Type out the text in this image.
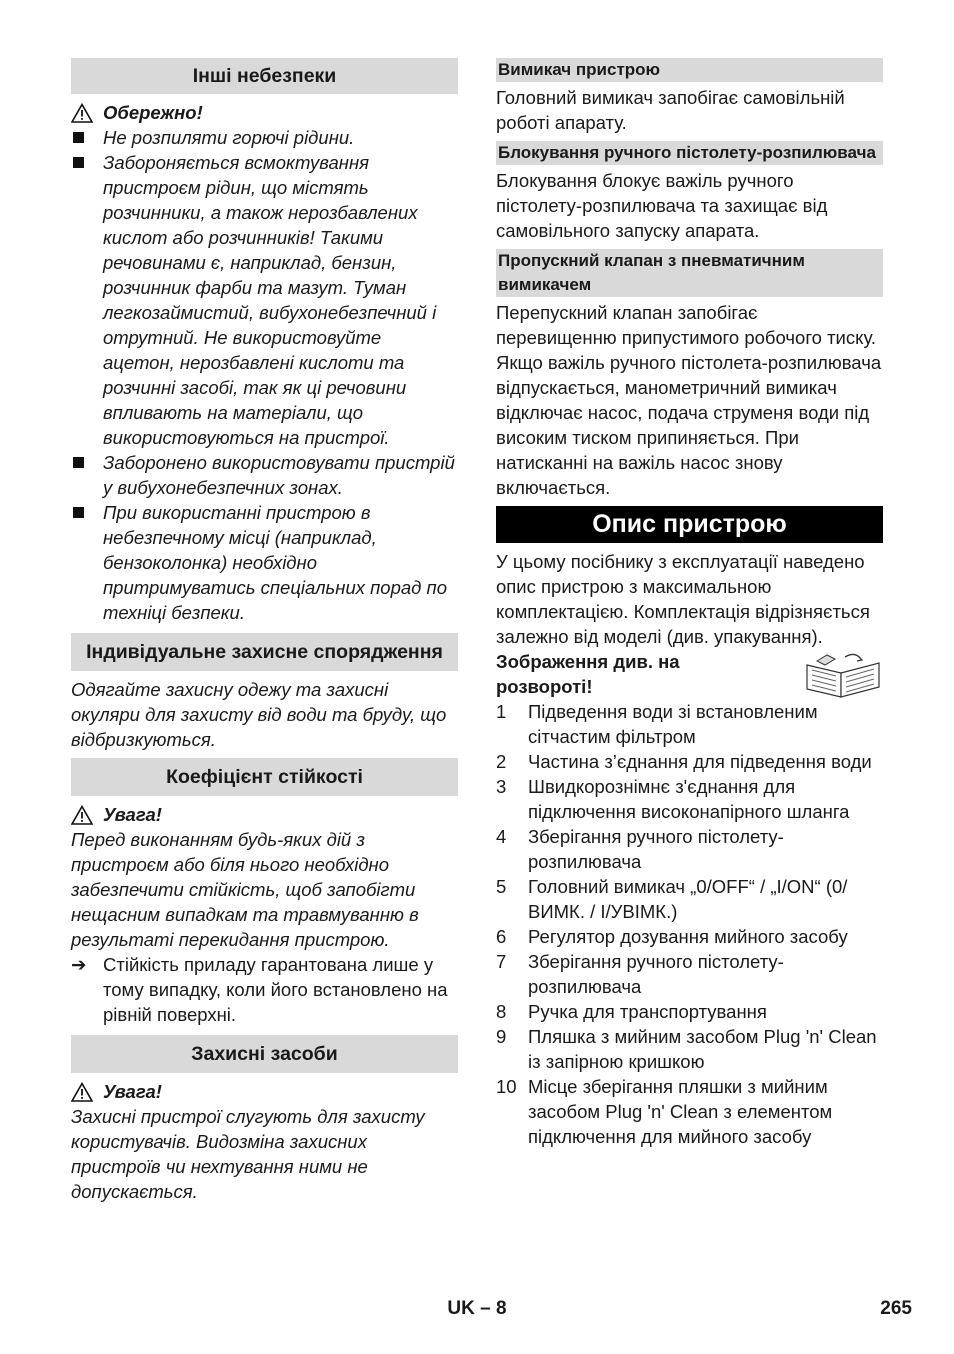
Інші небезпеки
Обережно!
Не розпиляти горючі рідини.
Забороняється всмоктування пристроєм рідин, що містять розчинники, а також нерозбавлених кислот або розчинників! Такими речовинами є, наприклад, бензин, розчинник фарби та мазут. Туман легкозаймистий, вибухонебезпечний і отрутний. Не використовуйте ацетон, нерозбавлені кислоти та розчинні засобі, так як ці речовини впливають на матеріали, що використовуються на пристрої.
Заборонено використовувати пристрій у вибухонебезпечних зонах.
При використанні пристрою в небезпечному місці (наприклад, бензоколонка) необхідно притримуватись спеціальних порад по техніці безпеки.
Індивідуальне захисне спорядження

Одягайте захисну одежу та захисні окуляри для захисту від води та бруду, що відбризкуються.

Коефіцієнт стійкості
Увага!

Перед виконанням будь-яких дій з пристроєм або біля нього необхідно забезпечити стійкість, щоб запобігти нещасним випадкам та травмуванню в результаті перекидання пристрою.

➔ Стійкість приладу гарантована лише у тому випадку, коли його встановлено на рівній поверхні.
Захисні засоби
Увага!

Захисні пристрої слугують для захисту користувачів. Видозміна захисних пристроїв чи нехтування ними не допускається.

Вимикач пристрою

Головний вимикач запобігає самовільній роботі апарату.

Блокування ручного пістолету-розпилювача

Блокування блокує важіль ручного пістолету-розпилювача та захищає від самовільного запуску апарата.

Пропускний клапан з пневматичним вимикачем

Перепускний клапан запобігає перевищенню припустимого робочого тиску.

Якщо важіль ручного пістолета-розпилювача відпускається, манометричний вимикач відключає насос, подача струменя води під високим тиском припиняється. При натисканні на важіль насос знову включається.

Опис пристрою

У цьому посібнику з експлуатації наведено опис пристрою з максимальною комплектацією. Комплектація відрізняється залежно від моделі (див. упакування).

Зображення див. на розвороті!
1 Підведення води зі встановленим сітчастим фільтром
2 Частина з’єднання для підведення води
3 Швидкорознімнє з'єднання для підключення високонапірного шланга
4 Зберігання ручного пістолету-розпилювача
5 Головний вимикач „0/OFF“ / „I/ON“ (0/ВИМК. / I/УВІМК.)
6 Регулятор дозування мийного засобу
7 Зберігання ручного пістолету-розпилювача
8 Ручка для транспортування
9 Пляшка з мийним засобом Plug 'n' Clean із запірною кришкою
10 Місце зберігання пляшки з мийним засобом Plug 'n' Clean з елементом підключення для мийного засобу
UK – 8	265
